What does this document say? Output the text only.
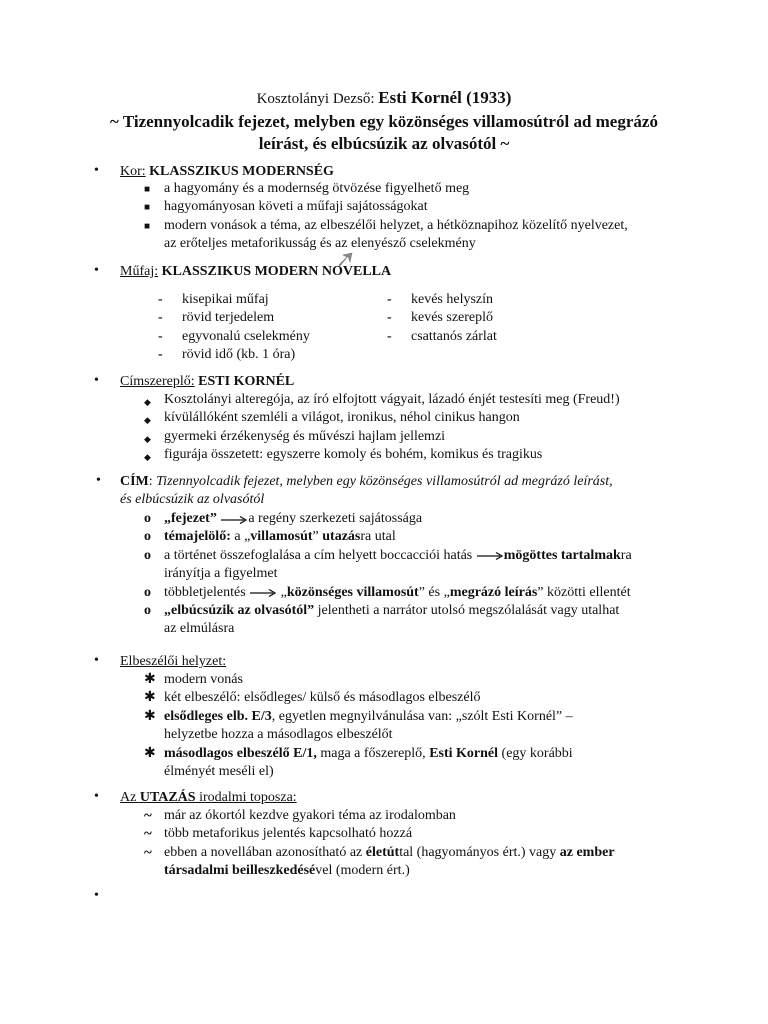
Kosztolányi Dezső: Esti Kornél (1933)
~ Tizennyolcadik fejezet, melyben egy közönséges villamosútról ad megrázó leírást, és elbúcsúzik az olvasótól ~
• Kor: KLASSZIKUS MODERNSÉG
■ a hagyomány és a modernség ötvözése figyelhető meg
■ hagyományosan követi a műfaji sajátosságokat
■ modern vonások a téma, az elbeszélői helyzet, a hétköznapihoz közelítő nyelvezet, az erőteljes metaforikusság és az elenyésző cselekmény
• Műfaj: KLASSZIKUS MODERN NOVELLA
- kisepikai műfaj
- rövid terjedelem
- egyvonalú cselekmény
- rövid idő (kb. 1 óra)
- kevés helyszín
- kevés szereplő
- csattanós zárlat
• Címszereplő: ESTI KORNÉL
◆ Kosztolányi alteregója, az író elfojtott vágyait, lázadó énjét testesíti meg (Freud!)
◆ kívülállóként szemléli a világot, ironikus, néhol cinikus hangon
◆ gyermeki érzékenység és művészi hajlam jellemzi
◆ figurája összetett: egyszerre komoly és bohém, komikus és tragikus
• CÍM: Tizennyolcadik fejezet, melyben egy közönséges villamosútról ad megrázó leírást,
és elbúcsúzik az olvasótól
o „fejezet” a regény szerkezeti sajátossága
o témajelölő: a „villamosút” utazásra utal
o a történet összefoglalása a cím helyett boccacciói hatás mögöttes tartalmakra
irányítja a figyelmet
o többletjelentés  „közönséges villamosút” és „megrázó leírás” közötti ellentét
o „elbúcsúzik az olvasótól” jelentheti a narrátor utolsó megszólalását vagy utalhat
az elmúlásra
• Elbeszélői helyzet:
✱ modern vonás
✱ két elbeszélő: elsődleges/ külső és másodlagos elbeszélő
✱ elsődleges elb. E/3, egyetlen megnyilvánulása van: „szólt Esti Kornél” –
helyzetbe hozza a másodlagos elbeszélőt
✱ másodlagos elbeszélő E/1, maga a főszereplő, Esti Kornél (egy korábbi
élményét meséli el)
• Az UTAZÁS irodalmi toposza:
~ már az ókortól kezdve gyakori téma az irodalomban
~ több metaforikus jelentés kapcsolható hozzá
~ ebben a novellában azonosítható az életúttal (hagyományos ért.) vagy az ember
társadalmi beilleszkedésével (modern ért.)
•
